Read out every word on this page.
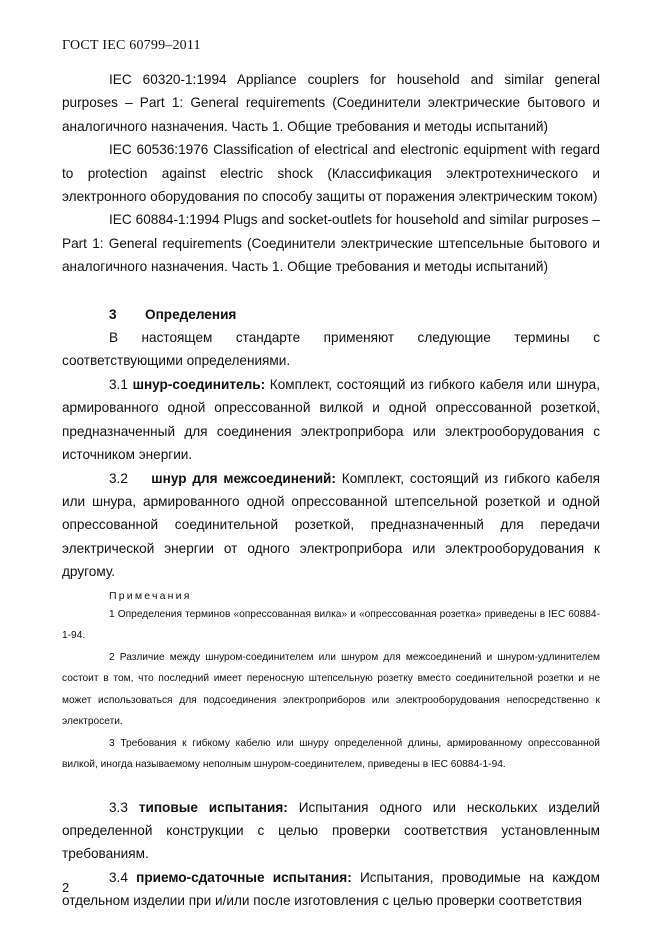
ГОСТ IEC 60799–2011

IEC 60320-1:1994 Appliance couplers for household and similar general purposes – Part 1: General requirements (Соединители электрические бытового и аналогичного назначения. Часть 1. Общие требования и методы испытаний)

IEC 60536:1976 Classification of electrical and electronic equipment with regard to protection against electric shock (Классификация электротехнического и электронного оборудования по способу защиты от поражения электрическим током)

IEC 60884-1:1994 Plugs and socket-outlets for household and similar purposes – Part 1: General requirements (Соединители электрические штепсельные бытового и аналогичного назначения. Часть 1. Общие требования и методы испытаний)

3 Определения

В настоящем стандарте применяют следующие термины с соответствующими определениями.

3.1 шнур-соединитель: Комплект, состоящий из гибкого кабеля или шнура, армированного одной опрессованной вилкой и одной опрессованной розеткой, предназначенный для соединения электроприбора или электрооборудования с источником энергии.

3.2 шнур для межсоединений: Комплект, состоящий из гибкого кабеля или шнура, армированного одной опрессованной штепсельной розеткой и одной опрессованной соединительной розеткой, предназначенный для передачи электрической энергии от одного электроприбора или электрооборудования к другому.

Примечания

1 Определения терминов «опрессованная вилка» и «опрессованная розетка» приведены в IEC 60884-1-94.

2 Различие между шнуром-соединителем или шнуром для межсоединений и шнуром-удлинителем состоит в том, что последний имеет переносную штепсельную розетку вместо соединительной розетки и не может использоваться для подсоединения электроприборов или электрооборудования непосредственно к электросети.

3 Требования к гибкому кабелю или шнуру определенной длины, армированному опрессованной вилкой, иногда называемому неполным шнуром-соединителем, приведены в IEC 60884-1-94.

3.3 типовые испытания: Испытания одного или нескольких изделий определенной конструкции с целью проверки соответствия установленным требованиям.

3.4 приемо-сдаточные испытания: Испытания, проводимые на каждом отдельном изделии при и/или после изготовления с целью проверки соответствия

2
